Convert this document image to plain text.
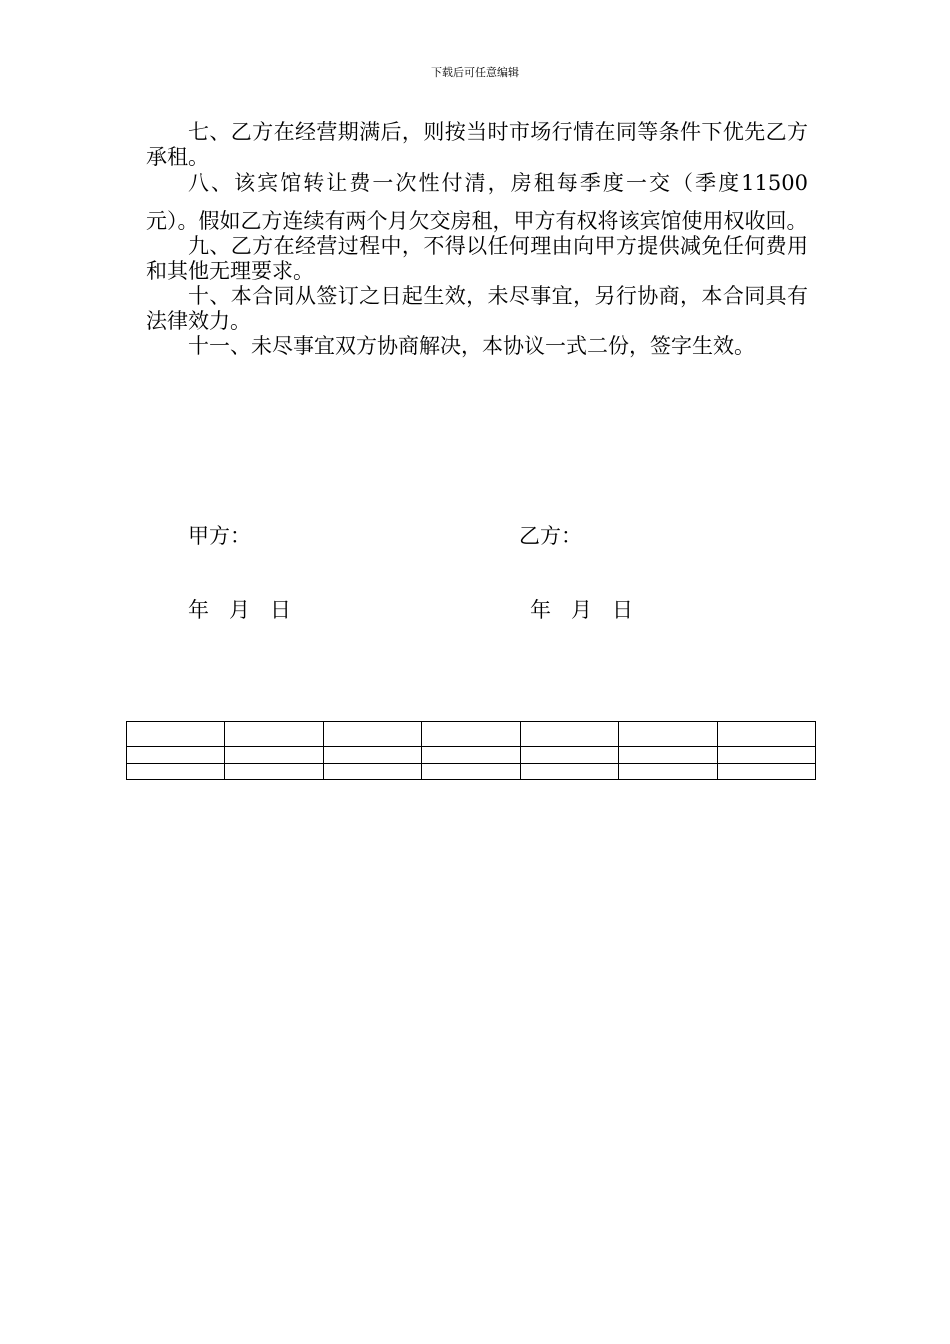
下载后可任意编辑

七、乙方在经营期满后，则按当时市场行情在同等条件下优先乙方承租。

八、该宾馆转让费一次性付清，房租每季度一交（季度11500元）。假如乙方连续有两个月欠交房租，甲方有权将该宾馆使用权收回。

九、乙方在经营过程中，不得以任何理由向甲方提供减免任何费用和其他无理要求。

十、本合同从签订之日起生效，未尽事宜，另行协商，本合同具有法律效力。

十一、未尽事宜双方协商解决，本协议一式二份，签字生效。

甲方：	乙方：
年   月   日	年   月   日
